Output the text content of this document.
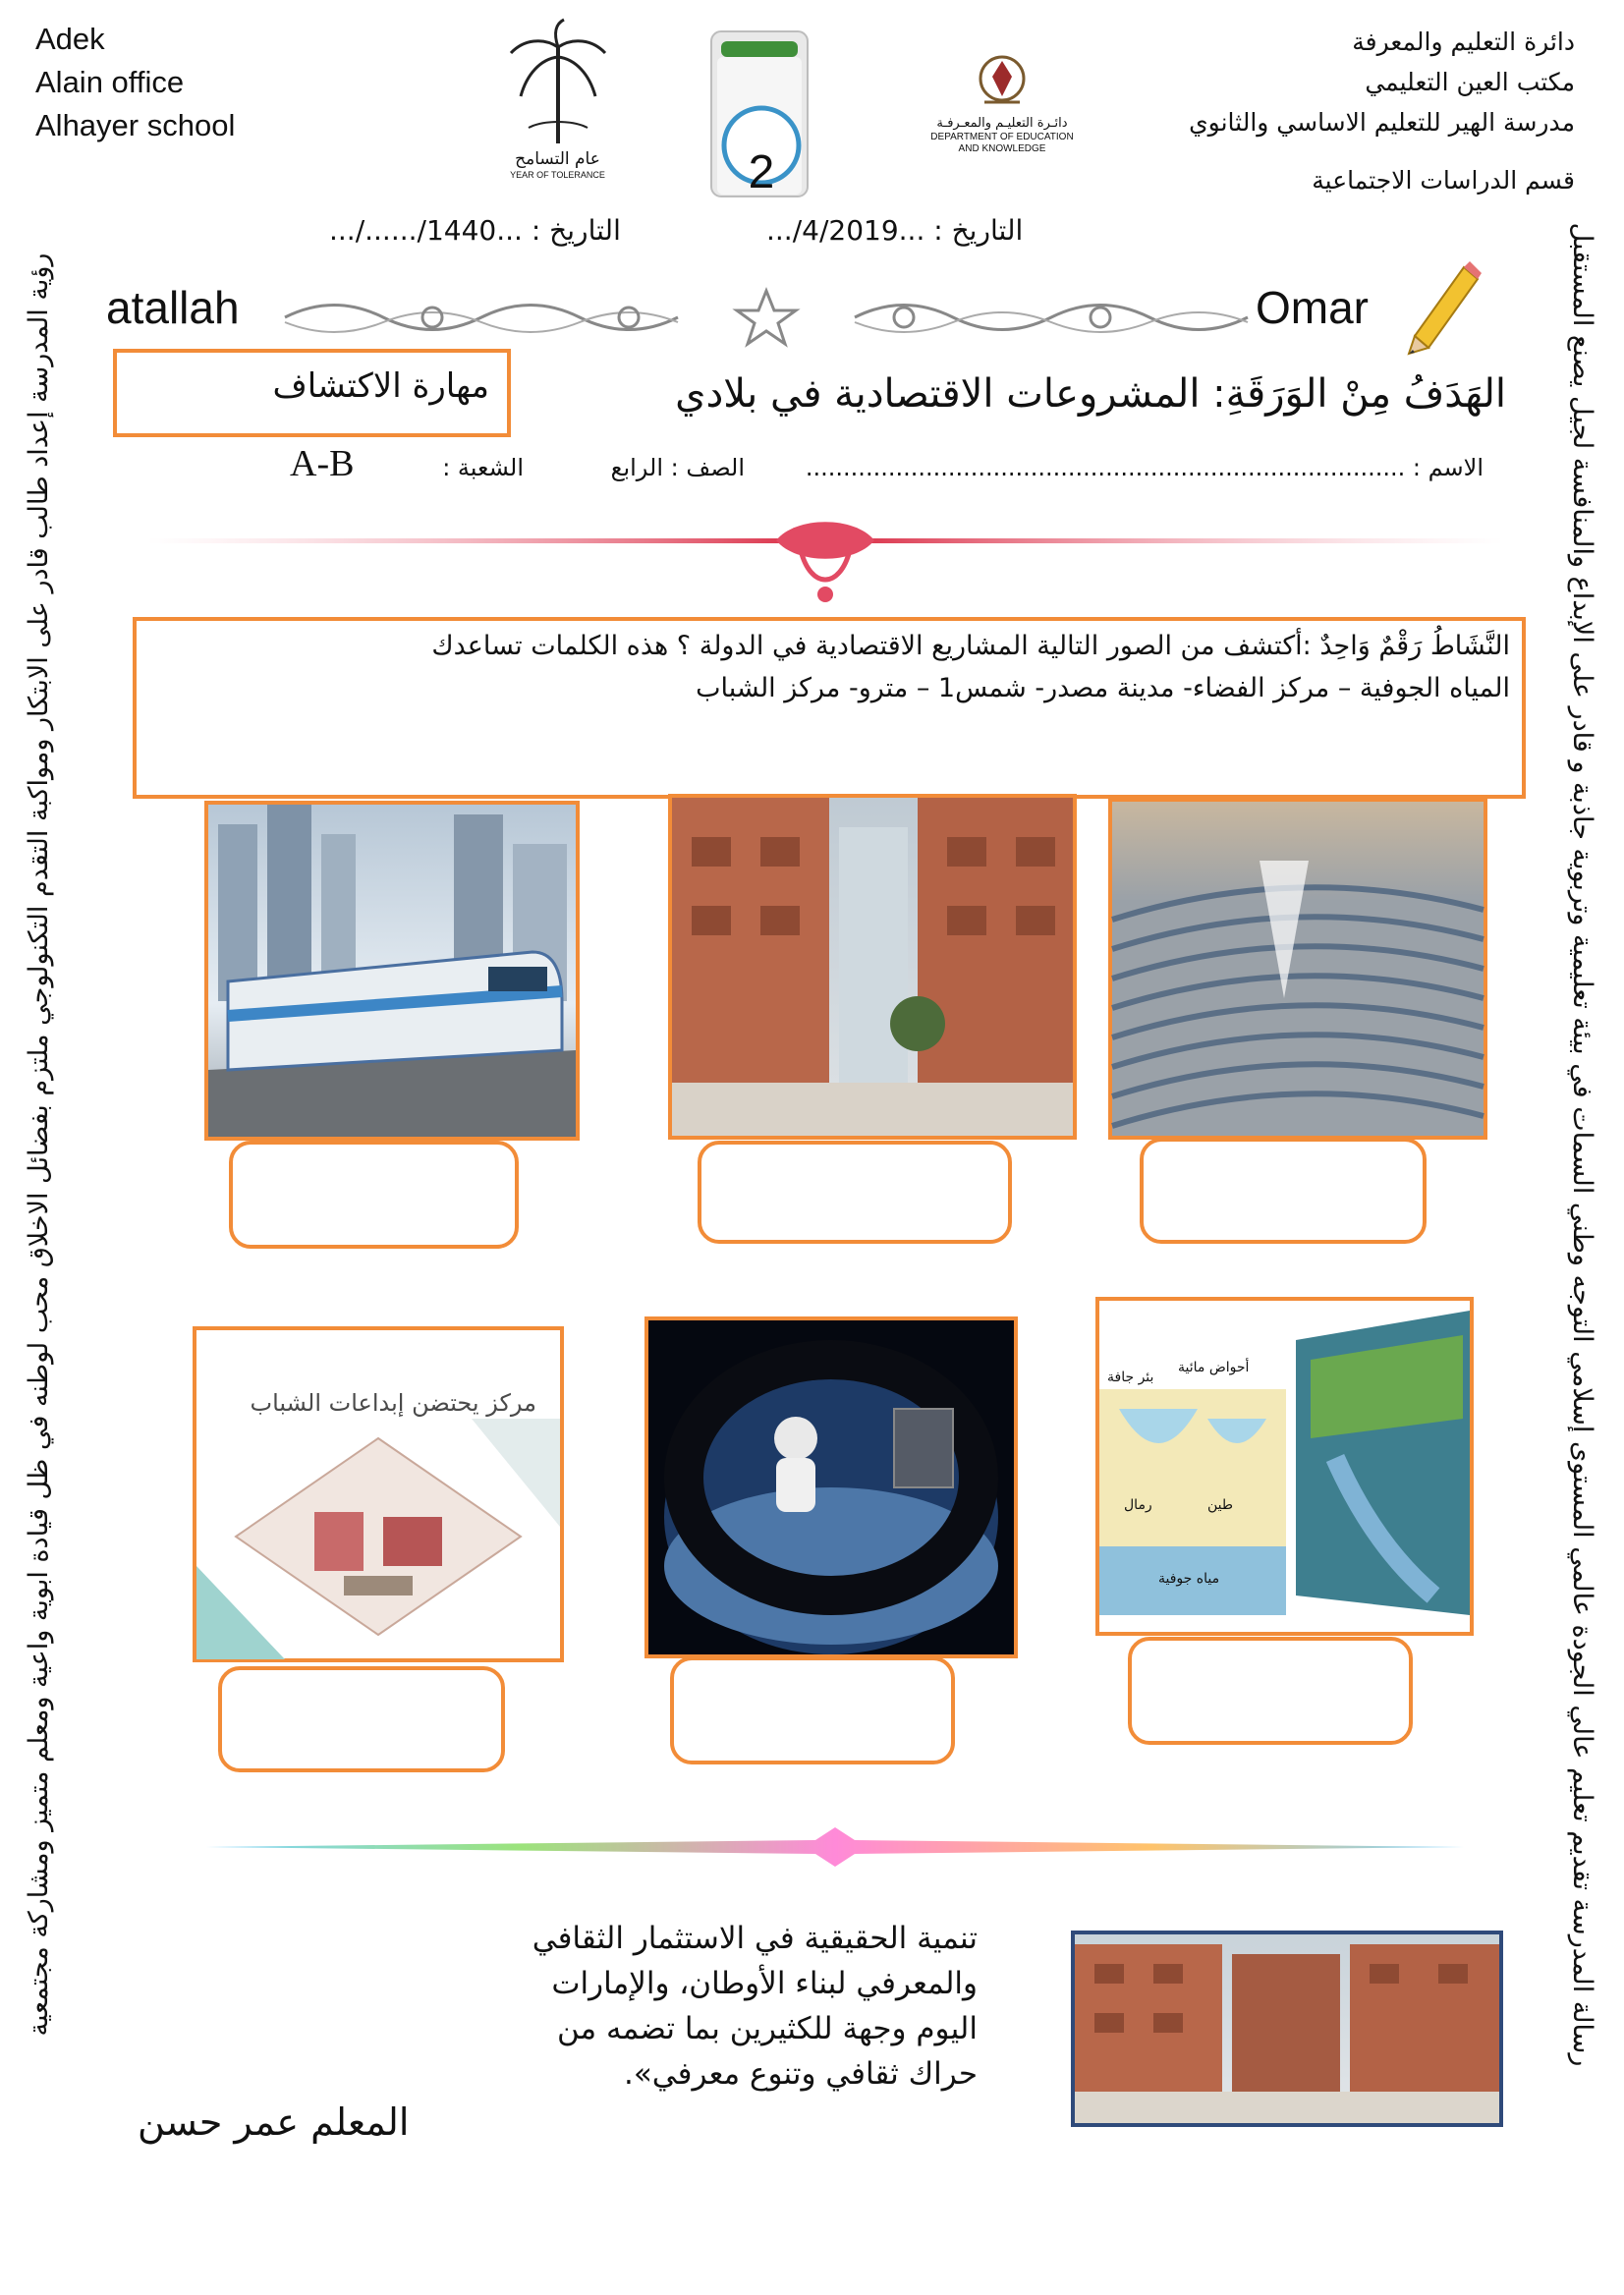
رؤية المدرسة إعداد طالب قادر على الابتكار ومواكبة التقدم التكنولوجي ملتزم بفضائل الاخلاق محب لوطنه في ظل قيادة ابوية واعية ومعلم متميز ومشاركة مجتمعية	رسالة المدرسة تقديم تعليم عالي الجودة عالمي المستوى إسلامي التوجه وطني السمات في بيئة تعليمية وتربوية جاذبة و قادر على الإبداع والمنافسة لجيل يصنع المستقبل
Adek
Alain office
Alhayer school
دائرة التعليم والمعرفة
مكتب العين التعليمي
مدرسة الهير للتعليم الاساسي والثانوي
قسم الدراسات الاجتماعية
عام التسامح
YEAR OF TOLERANCE	2
دائـرة التعليـم والمعـرفـة
DEPARTMENT OF EDUCATION
AND KNOWLEDGE
التاريخ : ...1440/....../...	التاريخ : ...4/2019/...
atallah	Omar
مهارة الاكتشاف	الهَدَفُ مِنْ الوَرَقَةِ: المشروعات الاقتصادية في بلادي
الاسم : ................................................................................
الصف : الرابع
الشعبة :
A-B
النَّشَاطُ رَقْمٌ وَاحِدٌ :أكتشف من الصور التالية المشاريع الاقتصادية في الدولة ؟ هذه الكلمات تساعدك
المياه الجوفية – مركز الفضاء- مدينة مصدر- شمس1 – مترو- مركز الشباب
مركز يحتضن إبداعات الشباب
بئر جافة
أحواض مائية
رمال	طين
مياه جوفية
تنمية الحقيقية في الاستثمار الثقافي
والمعرفي لبناء الأوطان، والإمارات
اليوم وجهة للكثيرين بما تضمه من
حراك ثقافي وتنوع معرفي».
المعلم عمر حسن
